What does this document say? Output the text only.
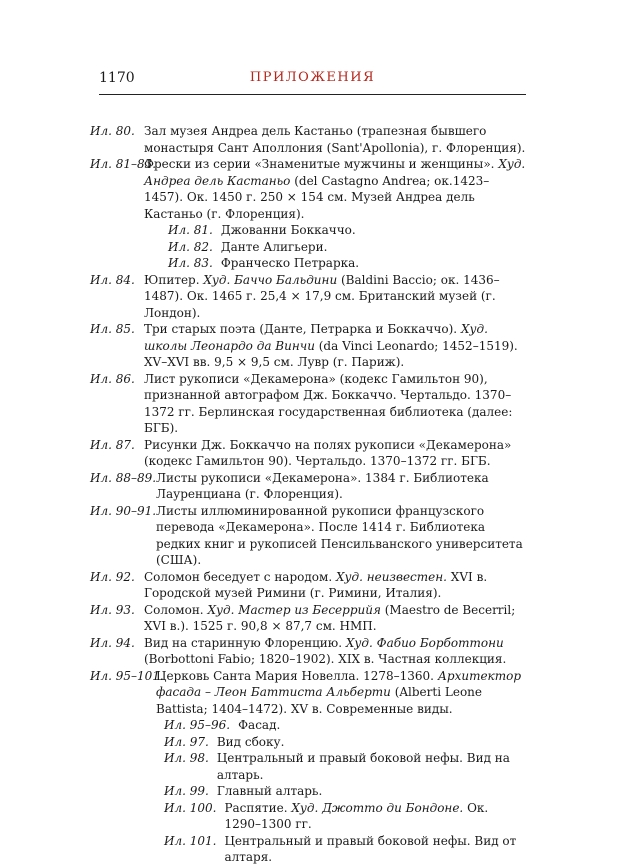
1170	ПРИЛОЖЕНИЯ
Ил. 80. Зал музея Андреа дель Кастаньо (трапезная бывшего монастыря Сант Аполлония (Sant'Apollonia), г. Флоренция).
Ил. 81–83.
Фрески из серии «Знаменитые мужчины и женщины». Худ. Андреа дель Кастаньо (del Castagno Andrea; ок.1423–1457). Ок. 1450 г. 250 × 154 см. Музей Андреа дель Кастаньо (г. Флоренция).
Ил. 81. Джованни Боккаччо.
Ил. 82. Данте Алигьери.
Ил. 83. Франческо Петрарка.
Ил. 84. Юпитер. Худ. Баччо Бальдини (Baldini Baccio; ок. 1436–1487). Ок. 1465 г. 25,4 × 17,9 см. Британский музей (г. Лондон).
Ил. 85. Три старых поэта (Данте, Петрарка и Боккаччо). Худ. школы Леонардо да Винчи (da Vinci Leonardo; 1452–1519). XV–XVI вв. 9,5 × 9,5 см. Лувр (г. Париж).
Ил. 86. Лист рукописи «Декамерона» (кодекс Гамильтон 90), признанной автографом Дж. Боккаччо. Чертальдо. 1370–1372 гг. Берлинская государственная библиотека (далее: БГБ).
Ил. 87. Рисунки Дж. Боккаччо на полях рукописи «Декамерона» (кодекс Гамильтон 90). Чертальдо. 1370–1372 гг. БГБ.
Ил. 88–89. Листы рукописи «Декамерона». 1384 г. Библиотека Лауренциана (г. Флоренция).
Ил. 90–91. Листы иллюминированной рукописи французского перевода «Декамерона». После 1414 г. Библиотека редких книг и рукописей Пенсильванского университета (США).
Ил. 92. Соломон беседует с народом. Худ. неизвестен. XVI в. Городской музей Римини (г. Римини, Италия).
Ил. 93. Соломон. Худ. Мастер из Бесеррийя (Maestro de Becerril; XVI в.). 1525 г. 90,8 × 87,7 см. НМП.
Ил. 94. Вид на старинную Флоренцию. Худ. Фабио Борботтони (Borbottoni Fabio; 1820–1902). XIX в. Частная коллекция.
Ил. 95–101.
Церковь Санта Мария Новелла. 1278–1360. Архитектор фасада – Леон Баттиста Альберти (Alberti Leone Battista; 1404–1472). XV в. Современные виды.
Ил. 95–96. Фасад.
Ил. 97. Вид сбоку.
Ил. 98. Центральный и правый боковой нефы. Вид на алтарь.
Ил. 99. Главный алтарь.
Ил. 100. Распятие. Худ. Джотто ди Бондоне. Ок. 1290–1300 гг.
Ил. 101. Центральный и правый боковой нефы. Вид от алтаря.
